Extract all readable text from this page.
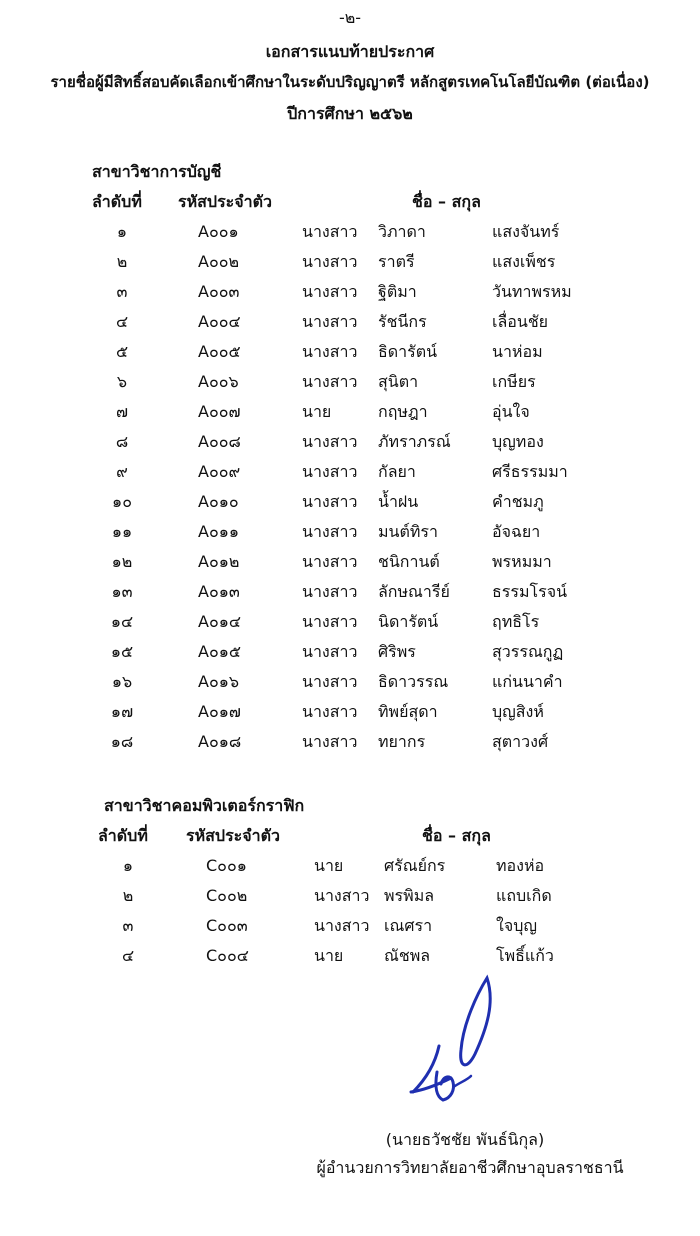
-๒-
เอกสารแนบท้ายประกาศ
รายชื่อผู้มีสิทธิ์สอบคัดเลือกเข้าศึกษาในระดับปริญญาตรี หลักสูตรเทคโนโลยีบัณฑิต (ต่อเนื่อง)
ปีการศึกษา ๒๕๖๒
สาขาวิชาการบัญชี
ลำดับที่ รหัสประจำตัว	ชื่อ – สกุล
๑	A๐๐๑	นางสาว วิภาดา	แสงจันทร์
๒	A๐๐๒	นางสาว ราตรี	แสงเพ็ชร
๓	A๐๐๓	นางสาว ฐิติมา	วันทาพรหม
๔	A๐๐๔	นางสาว รัชนีกร	เลื่อนชัย
๕	A๐๐๕	นางสาว ธิดารัตน์	นาห่อม
๖	A๐๐๖	นางสาว สุนิตา	เกษียร
๗	A๐๐๗	นาย	กฤษฎา	อุ่นใจ
๘	A๐๐๘	นางสาว ภัทราภรณ์	บุญทอง
๙	A๐๐๙	นางสาว กัลยา	ศรีธรรมมา
๑๐	A๐๑๐	นางสาว น้ำฝน	คำชมภู
๑๑	A๐๑๑	นางสาว มนต์ทิรา	อัจฉยา
๑๒	A๐๑๒	นางสาว ชนิกานต์	พรหมมา
๑๓	A๐๑๓	นางสาว ลักษณารีย์	ธรรมโรจน์
๑๔	A๐๑๔	นางสาว นิดารัตน์	ฤทธิโร
๑๕	A๐๑๕	นางสาว ศิริพร	สุวรรณกูฏ
๑๖	A๐๑๖	นางสาว ธิดาวรรณ	แก่นนาคำ
๑๗	A๐๑๗	นางสาว ทิพย์สุดา	บุญสิงห์
๑๘	A๐๑๘	นางสาว ทยากร	สุตาวงศ์
สาขาวิชาคอมพิวเตอร์กราฟิก
ลำดับที่ รหัสประจำตัว	ชื่อ – สกุล
๑	C๐๐๑	นาย	ศรัณย์กร	ทองห่อ
๒	C๐๐๒	นางสาว พรพิมล	แถบเกิด
๓	C๐๐๓	นางสาว เณศรา	ใจบุญ
๔	C๐๐๔	นาย	ณัชพล	โพธิ์แก้ว
(นายธวัชชัย พันธ์นิกุล)
ผู้อำนวยการวิทยาลัยอาชีวศึกษาอุบลราชธานี
